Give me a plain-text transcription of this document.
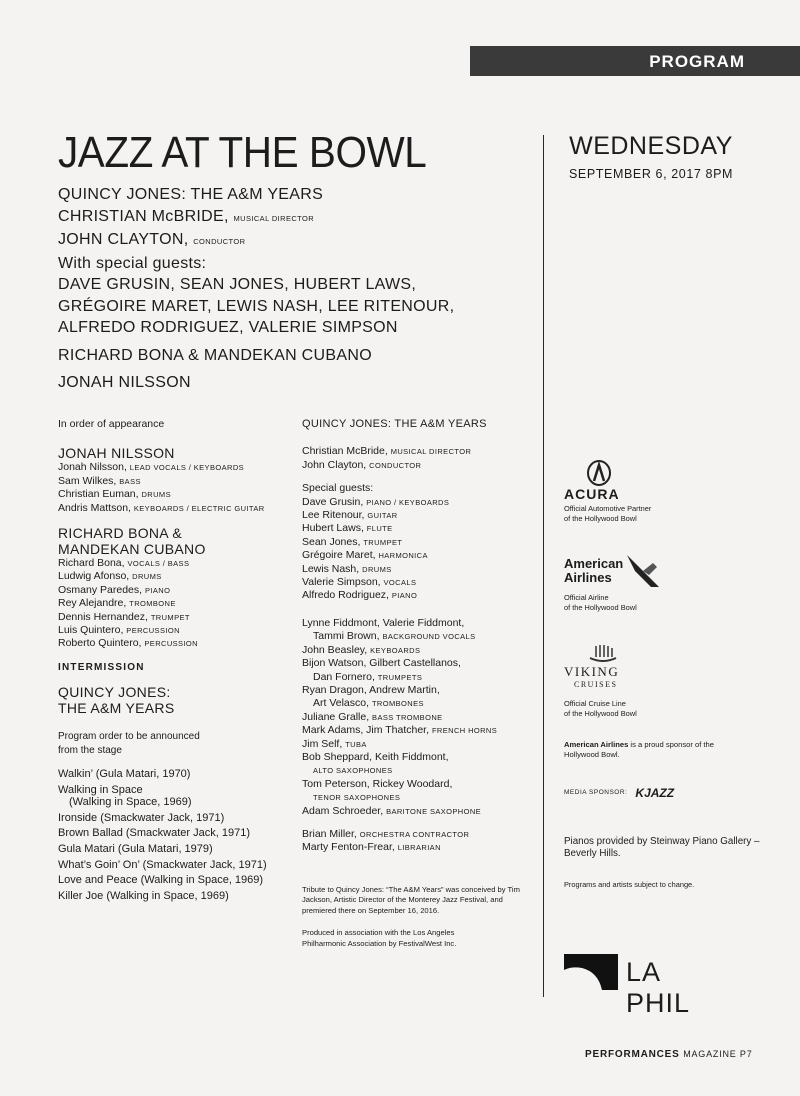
PROGRAM
JAZZ AT THE BOWL	WEDNESDAY
SEPTEMBER 6, 2017 8PM
QUINCY JONES: THE A&M YEARS
CHRISTIAN McBRIDE, MUSICAL DIRECTOR
JOHN CLAYTON, CONDUCTOR
With special guests:
DAVE GRUSIN, SEAN JONES, HUBERT LAWS,
GRÉGOIRE MARET, LEWIS NASH, LEE RITENOUR,
ALFREDO RODRIGUEZ, VALERIE SIMPSON
RICHARD BONA & MANDEKAN CUBANO
JONAH NILSSON
In order of appearance
JONAH NILSSON
Jonah Nilsson, LEAD VOCALS / KEYBOARDS
Sam Wilkes, BASS
Christian Euman, DRUMS
Andris Mattson, KEYBOARDS / ELECTRIC GUITAR
RICHARD BONA &
MANDEKAN CUBANO
Richard Bona, VOCALS / BASS
Ludwig Afonso, DRUMS
Osmany Paredes, PIANO
Rey Alejandre, TROMBONE
Dennis Hernandez, TRUMPET
Luis Quintero, PERCUSSION
Roberto Quintero, PERCUSSION
INTERMISSION
QUINCY JONES:
THE A&M YEARS
Program order to be announced
from the stage
Walkin’ (Gula Matari, 1970)
Walking in Space
(Walking in Space, 1969)
Ironside (Smackwater Jack, 1971)
Brown Ballad (Smackwater Jack, 1971)
Gula Matari (Gula Matari, 1979)
What’s Goin’ On’ (Smackwater Jack, 1971)
Love and Peace (Walking in Space, 1969)
Killer Joe (Walking in Space, 1969)
QUINCY JONES: THE A&M YEARS
Christian McBride, MUSICAL DIRECTOR
John Clayton, CONDUCTOR
Special guests:
Dave Grusin, PIANO / KEYBOARDS
Lee Ritenour, GUITAR
Hubert Laws, FLUTE
Sean Jones, TRUMPET
Grégoire Maret, HARMONICA
Lewis Nash, DRUMS
Valerie Simpson, VOCALS
Alfredo Rodriguez, PIANO
Lynne Fiddmont, Valerie Fiddmont,
Tammi Brown, BACKGROUND VOCALS
John Beasley, KEYBOARDS
Bijon Watson, Gilbert Castellanos,
Dan Fornero, TRUMPETS
Ryan Dragon, Andrew Martin,
Art Velasco, TROMBONES
Juliane Gralle, BASS TROMBONE
Mark Adams, Jim Thatcher, FRENCH HORNS
Jim Self, TUBA
Bob Sheppard, Keith Fiddmont,
ALTO SAXOPHONES
Tom Peterson, Rickey Woodard,
TENOR SAXOPHONES
Adam Schroeder, BARITONE SAXOPHONE
Brian Miller, ORCHESTRA CONTRACTOR
Marty Fenton-Frear, LIBRARIAN
Tribute to Quincy Jones: “The A&M Years” was conceived by Tim Jackson, Artistic Director of the Monterey Jazz Festival, and premiered there on September 16, 2016.
Produced in association with the Los Angeles Philharmonic Association by FestivalWest Inc.
ACURA
Official Automotive Partner
of the Hollywood Bowl
American
Airlines
Official Airline
of the Hollywood Bowl
VIKING
CRUISES
Official Cruise Line
of the Hollywood Bowl
American Airlines is a proud sponsor of the Hollywood Bowl.
MEDIA SPONSOR: KJAZZ
Pianos provided by Steinway Piano Gallery – Beverly Hills.
Programs and artists subject to change.
LA PHIL
PERFORMANCES MAGAZINE P7
